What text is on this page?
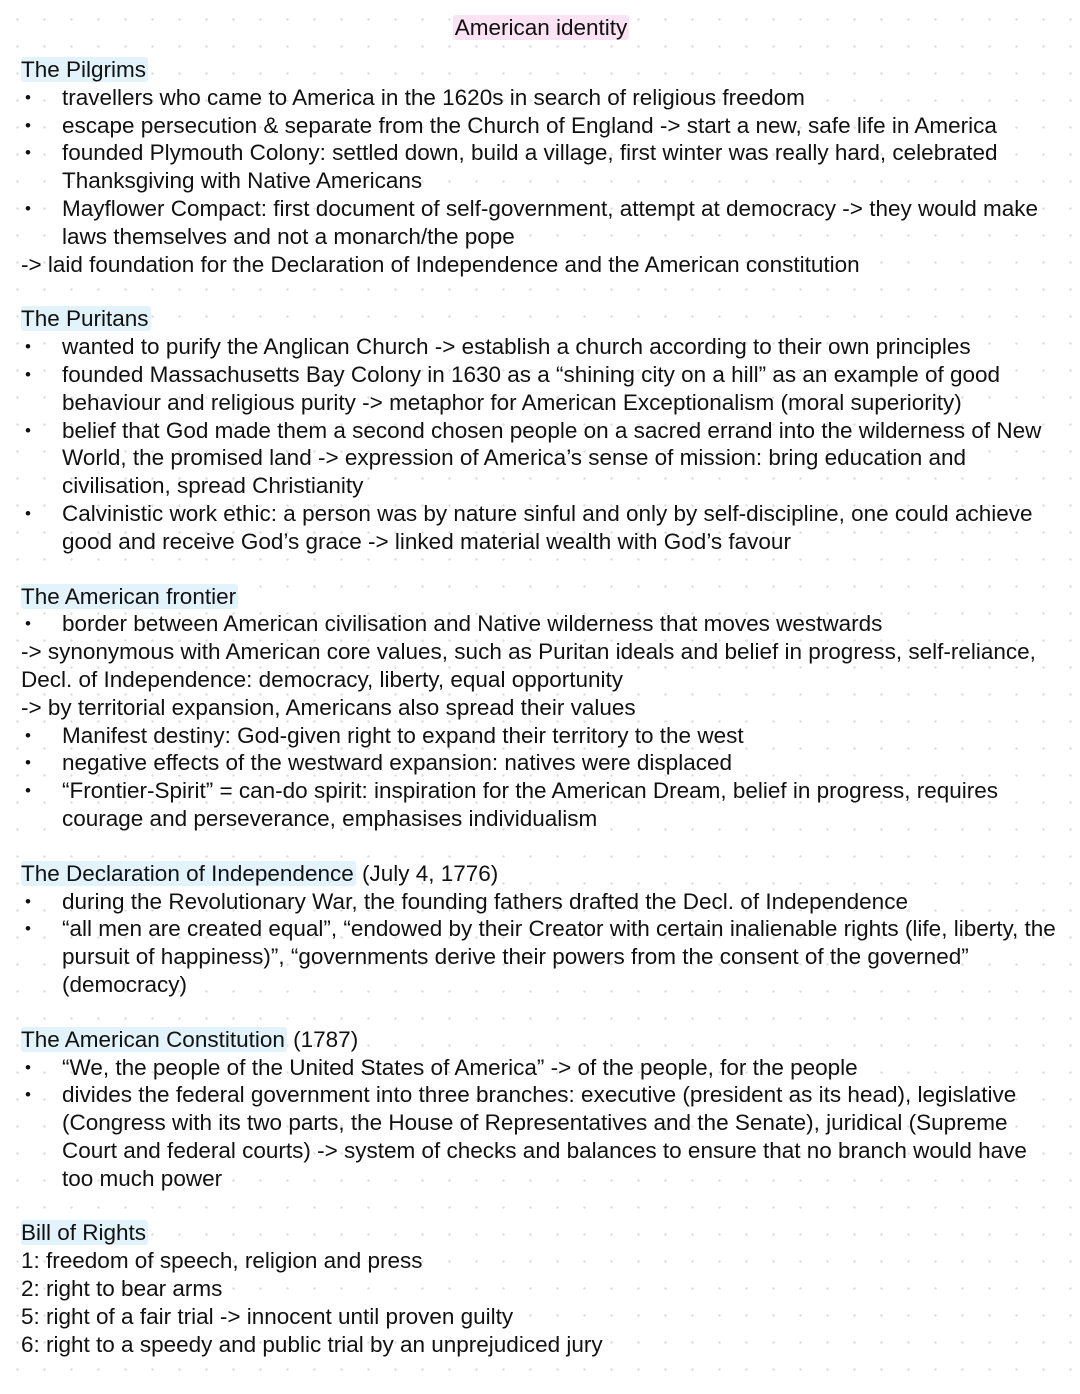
American identity
The Pilgrims
• travellers who came to America in the 1620s in search of religious freedom
• escape persecution & separate from the Church of England -> start a new, safe life in America
• founded Plymouth Colony: settled down, build a village, first winter was really hard, celebrated Thanksgiving with Native Americans
• Mayflower Compact: first document of self-government, attempt at democracy -> they would make laws themselves and not a monarch/the pope
-> laid foundation for the Declaration of Independence and the American constitution
The Puritans
• wanted to purify the Anglican Church -> establish a church according to their own principles
• founded Massachusetts Bay Colony in 1630 as a “shining city on a hill” as an example of good behaviour and religious purity -> metaphor for American Exceptionalism (moral superiority)
• belief that God made them a second chosen people on a sacred errand into the wilderness of New World, the promised land -> expression of America’s sense of mission: bring education and civilisation, spread Christianity
• Calvinistic work ethic: a person was by nature sinful and only by self-discipline, one could achieve good and receive God’s grace -> linked material wealth with God’s favour
The American frontier
• border between American civilisation and Native wilderness that moves westwards
-> synonymous with American core values, such as Puritan ideals and belief in progress, self-reliance, Decl. of Independence: democracy, liberty, equal opportunity
-> by territorial expansion, Americans also spread their values
• Manifest destiny: God-given right to expand their territory to the west
• negative effects of the westward expansion: natives were displaced
• “Frontier-Spirit” = can-do spirit: inspiration for the American Dream, belief in progress, requires courage and perseverance, emphasises individualism
The Declaration of Independence (July 4, 1776)
• during the Revolutionary War, the founding fathers drafted the Decl. of Independence
• “all men are created equal”, “endowed by their Creator with certain inalienable rights (life, liberty, the pursuit of happiness)”, “governments derive their powers from the consent of the governed” (democracy)
The American Constitution (1787)
• “We, the people of the United States of America” -> of the people, for the people
• divides the federal government into three branches: executive (president as its head), legislative (Congress with its two parts, the House of Representatives and the Senate), juridical (Supreme Court and federal courts) -> system of checks and balances to ensure that no branch would have too much power
Bill of Rights
1: freedom of speech, religion and press
2: right to bear arms
5: right of a fair trial -> innocent until proven guilty
6: right to a speedy and public trial by an unprejudiced jury
